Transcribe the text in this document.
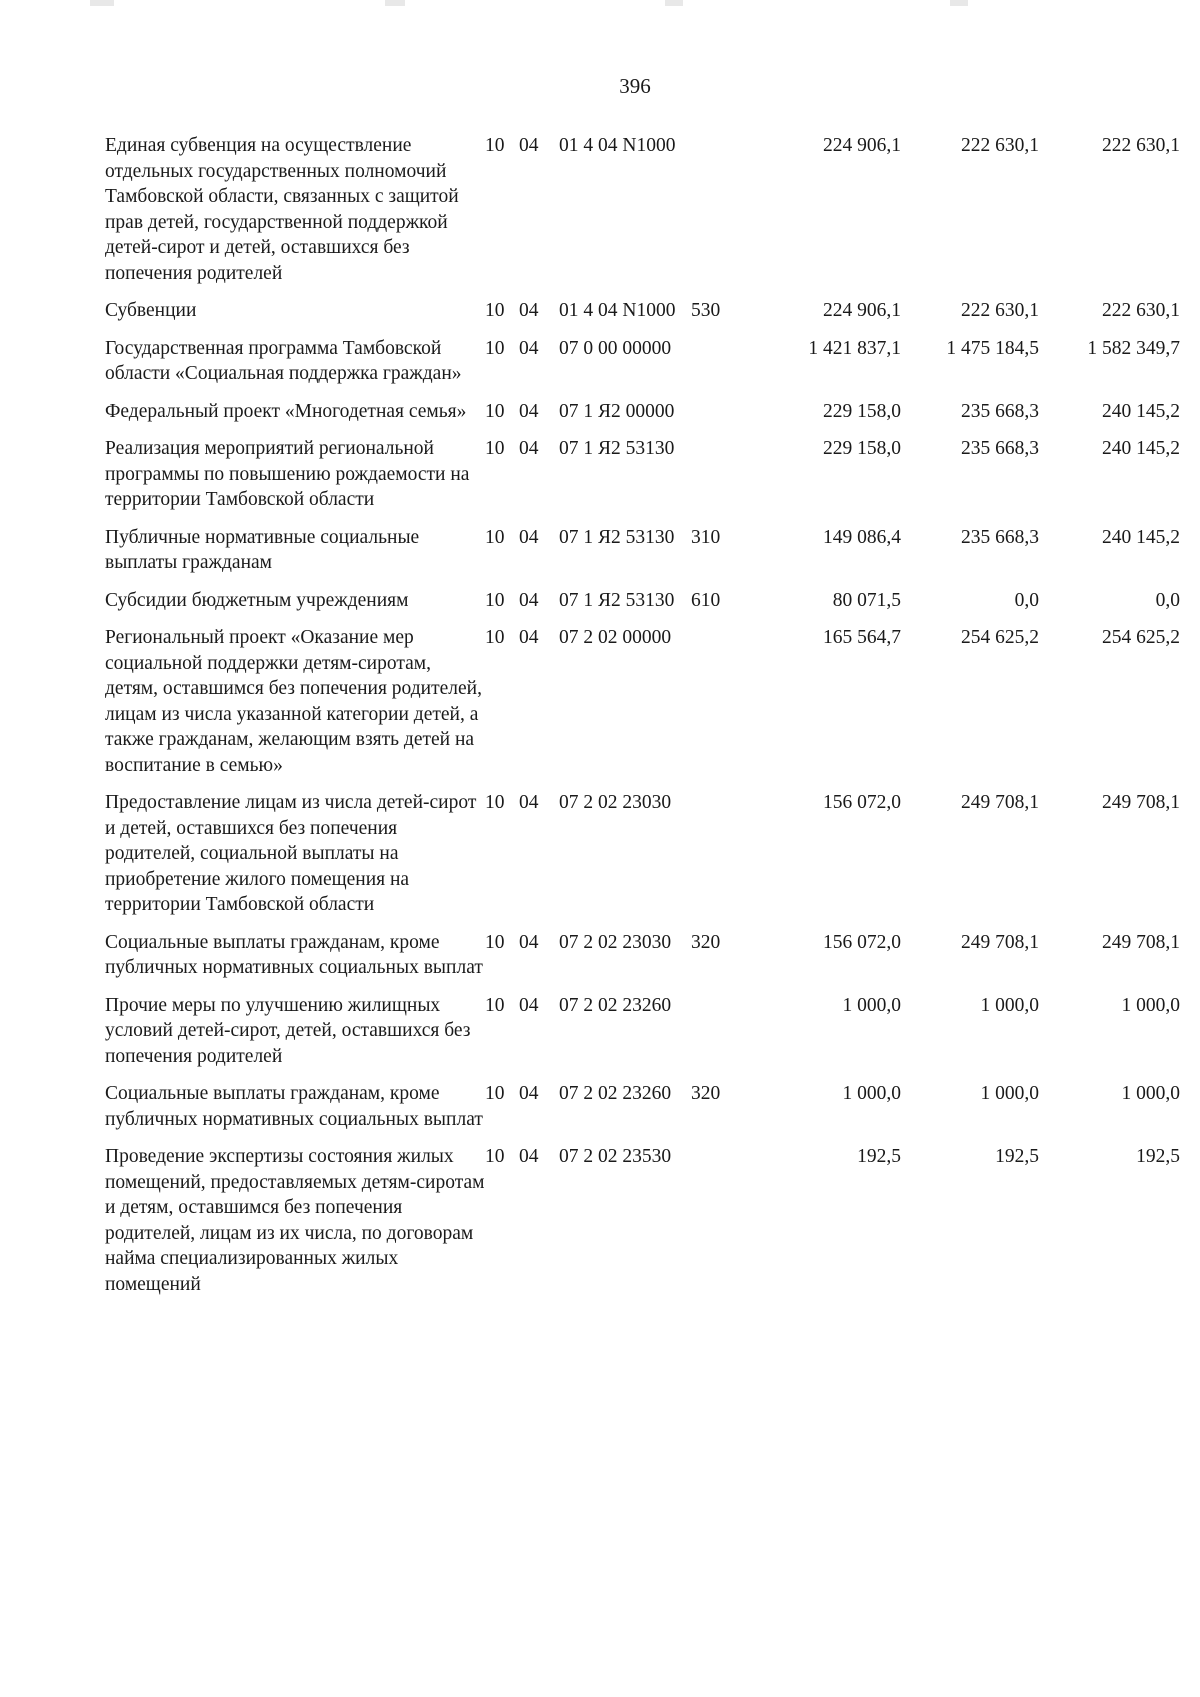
396
Единая субвенция на осуществление отдельных государственных полномочий Тамбовской области, связанных с защитой прав детей, государственной поддержкой детей-сирот и детей, оставшихся без попечения родителей	10	04	01 4 04 N1000		224 906,1	222 630,1	222 630,1
Субвенции	10	04	01 4 04 N1000	530	224 906,1	222 630,1	222 630,1
Государственная программа Тамбовской области «Социальная поддержка граждан»	10	04	07 0 00 00000		1 421 837,1	1 475 184,5	1 582 349,7
Федеральный проект «Многодетная семья»	10	04	07 1 Я2 00000		229 158,0	235 668,3	240 145,2
Реализация мероприятий региональной программы по повышению рождаемости на территории Тамбовской области	10	04	07 1 Я2 53130		229 158,0	235 668,3	240 145,2
Публичные нормативные социальные выплаты гражданам	10	04	07 1 Я2 53130	310	149 086,4	235 668,3	240 145,2
Субсидии бюджетным учреждениям	10	04	07 1 Я2 53130	610	80 071,5	0,0	0,0
Региональный проект «Оказание мер социальной поддержки детям-сиротам, детям, оставшимся без попечения родителей, лицам из числа указанной категории детей, а также гражданам, желающим взять детей на воспитание в семью»	10	04	07 2 02 00000		165 564,7	254 625,2	254 625,2
Предоставление лицам из числа детей-сирот и детей, оставшихся без попечения родителей, социальной выплаты на приобретение жилого помещения на территории Тамбовской области	10	04	07 2 02 23030		156 072,0	249 708,1	249 708,1
Социальные выплаты гражданам, кроме публичных нормативных социальных выплат	10	04	07 2 02 23030	320	156 072,0	249 708,1	249 708,1
Прочие меры по улучшению жилищных условий детей-сирот, детей, оставшихся без попечения родителей	10	04	07 2 02 23260		1 000,0	1 000,0	1 000,0
Социальные выплаты гражданам, кроме публичных нормативных социальных выплат	10	04	07 2 02 23260	320	1 000,0	1 000,0	1 000,0
Проведение экспертизы состояния жилых помещений, предоставляемых детям-сиротам и детям, оставшимся без попечения родителей, лицам из их числа, по договорам найма специализированных жилых помещений	10	04	07 2 02 23530		192,5	192,5	192,5
